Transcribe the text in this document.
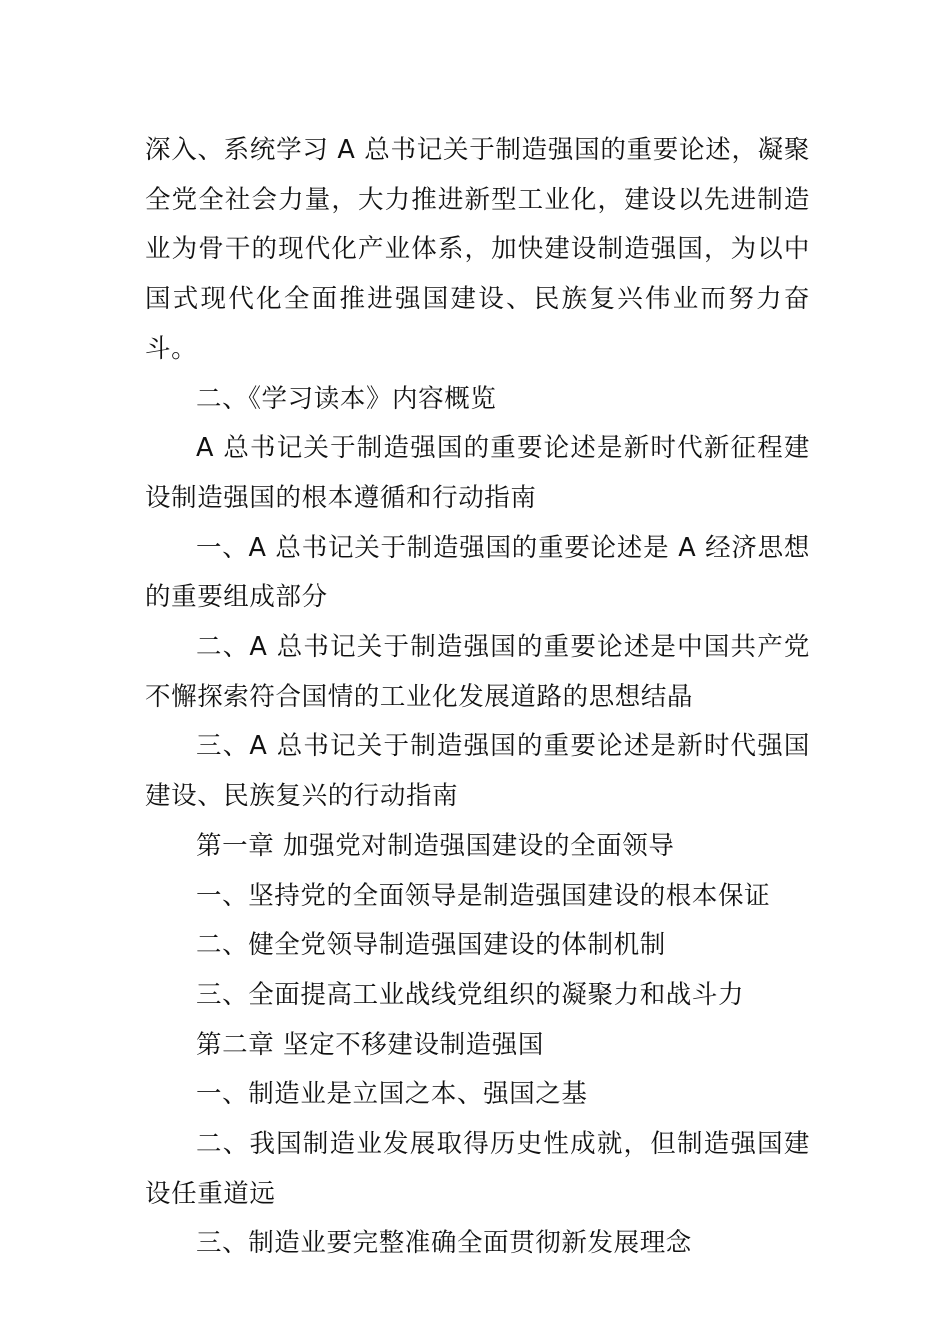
深入、系统学习 A 总书记关于制造强国的重要论述，凝聚全党全社会力量，大力推进新型工业化，建设以先进制造业为骨干的现代化产业体系，加快建设制造强国，为以中国式现代化全面推进强国建设、民族复兴伟业而努力奋斗。

二、《学习读本》内容概览

A 总书记关于制造强国的重要论述是新时代新征程建设制造强国的根本遵循和行动指南

一、A 总书记关于制造强国的重要论述是 A 经济思想的重要组成部分

二、A 总书记关于制造强国的重要论述是中国共产党不懈探索符合国情的工业化发展道路的思想结晶

三、A 总书记关于制造强国的重要论述是新时代强国建设、民族复兴的行动指南

第一章 加强党对制造强国建设的全面领导

一、坚持党的全面领导是制造强国建设的根本保证

二、健全党领导制造强国建设的体制机制

三、全面提高工业战线党组织的凝聚力和战斗力

第二章 坚定不移建设制造强国

一、制造业是立国之本、强国之基

二、我国制造业发展取得历史性成就，但制造强国建设任重道远

三、制造业要完整准确全面贯彻新发展理念
